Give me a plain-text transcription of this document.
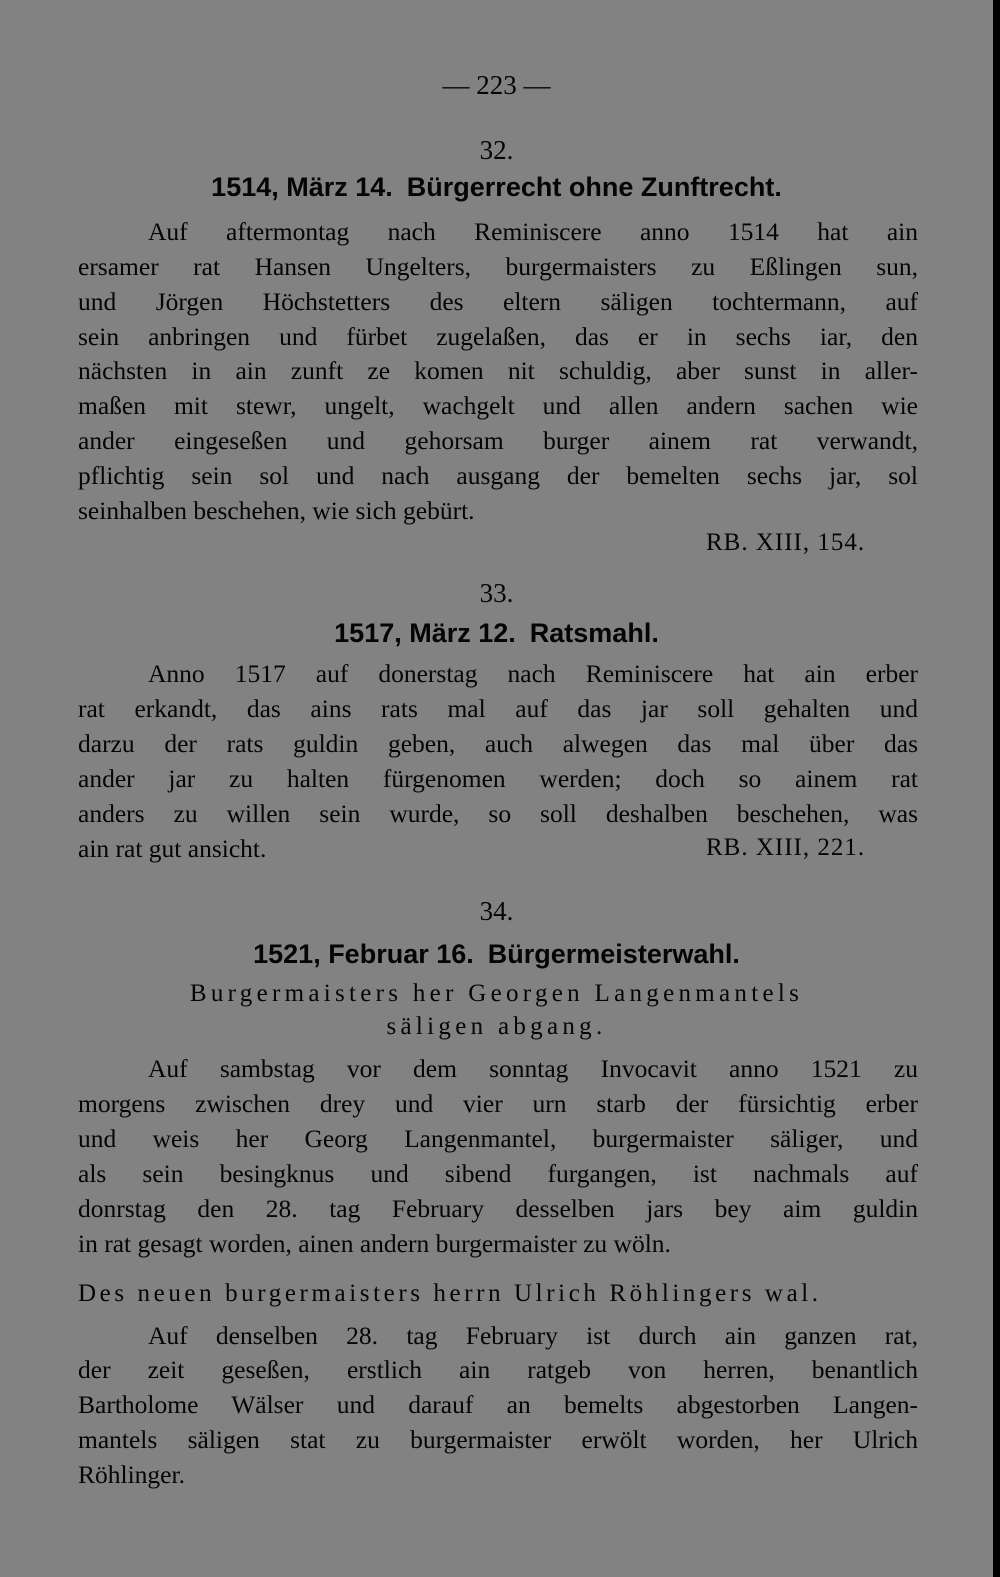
— 223 —
32.
1514, März 14. Bürgerrecht ohne Zunftrecht.
Auf aftermontag nach Reminiscere anno 1514 hat ain
ersamer rat Hansen Ungelters, burgermaisters zu Eßlingen sun,
und Jörgen Höchstetters des eltern säligen tochtermann, auf
sein anbringen und fürbet zugelaßen, das er in sechs iar, den
nächsten in ain zunft ze komen nit schuldig, aber sunst in aller-
maßen mit stewr, ungelt, wachgelt und allen andern sachen wie
ander eingeseßen und gehorsam burger ainem rat verwandt,
pflichtig sein sol und nach ausgang der bemelten sechs jar, sol
seinhalben beschehen, wie sich gebürt.
RB. XIII, 154.
33.
1517, März 12. Ratsmahl.
Anno 1517 auf donerstag nach Reminiscere hat ain erber
rat erkandt, das ains rats mal auf das jar soll gehalten und
darzu der rats guldin geben, auch alwegen das mal über das
ander jar zu halten fürgenomen werden; doch so ainem rat
anders zu willen sein wurde, so soll deshalben beschehen, was
ain rat gut ansicht.	RB. XIII, 221.
34.
1521, Februar 16. Bürgermeisterwahl.
Burgermaisters her Georgen Langenmantels
säligen abgang.
Auf sambstag vor dem sonntag Invocavit anno 1521 zu
morgens zwischen drey und vier urn starb der fürsichtig erber
und weis her Georg Langenmantel, burgermaister säliger, und
als sein besingknus und sibend furgangen, ist nachmals auf
donrstag den 28. tag February desselben jars bey aim guldin
in rat gesagt worden, ainen andern burgermaister zu wöln.
Des neuen burgermaisters herrn Ulrich Röhlingers wal.
Auf denselben 28. tag February ist durch ain ganzen rat,
der zeit geseßen, erstlich ain ratgeb von herren, benantlich
Bartholome Wälser und darauf an bemelts abgestorben Langen-
mantels säligen stat zu burgermaister erwölt worden, her Ulrich
Röhlinger.
